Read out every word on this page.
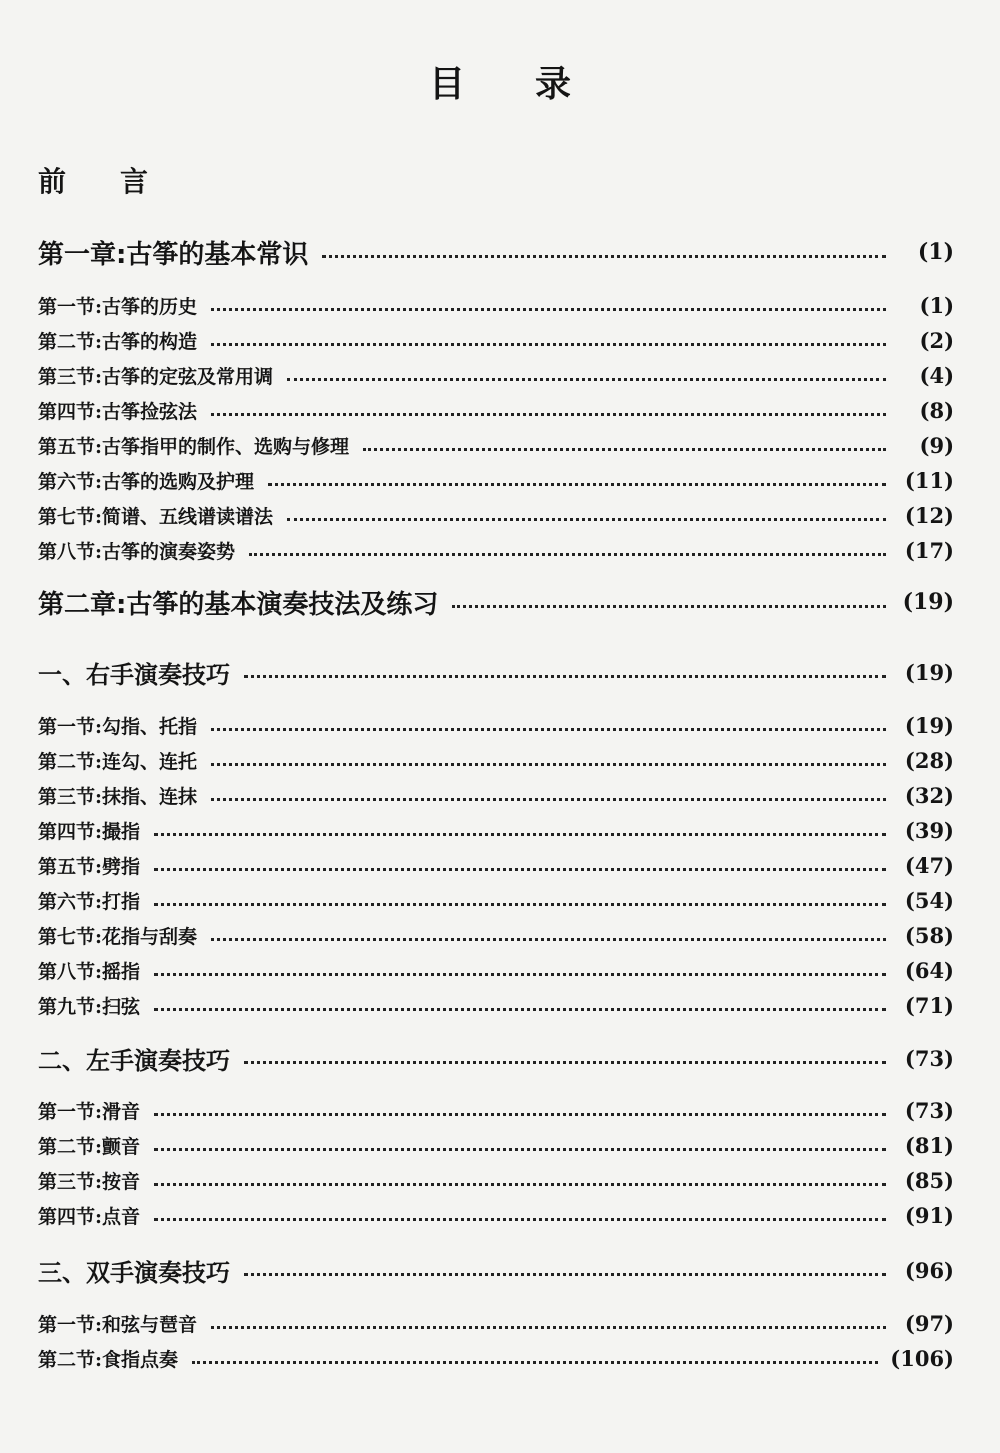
目 录
前 言
第一章:古筝的基本常识	(1)
第一节:古筝的历史	(1)
第二节:古筝的构造	(2)
第三节:古筝的定弦及常用调	(4)
第四节:古筝捡弦法	(8)
第五节:古筝指甲的制作、选购与修理	(9)
第六节:古筝的选购及护理	(11)
第七节:简谱、五线谱读谱法	(12)
第八节:古筝的演奏姿势	(17)
第二章:古筝的基本演奏技法及练习	(19)
一、右手演奏技巧	(19)
第一节:勾指、托指	(19)
第二节:连勾、连托	(28)
第三节:抹指、连抹	(32)
第四节:撮指	(39)
第五节:劈指	(47)
第六节:打指	(54)
第七节:花指与刮奏	(58)
第八节:摇指	(64)
第九节:扫弦	(71)
二、左手演奏技巧	(73)
第一节:滑音	(73)
第二节:颤音	(81)
第三节:按音	(85)
第四节:点音	(91)
三、双手演奏技巧	(96)
第一节:和弦与琶音	(97)
第二节:食指点奏	(106)
